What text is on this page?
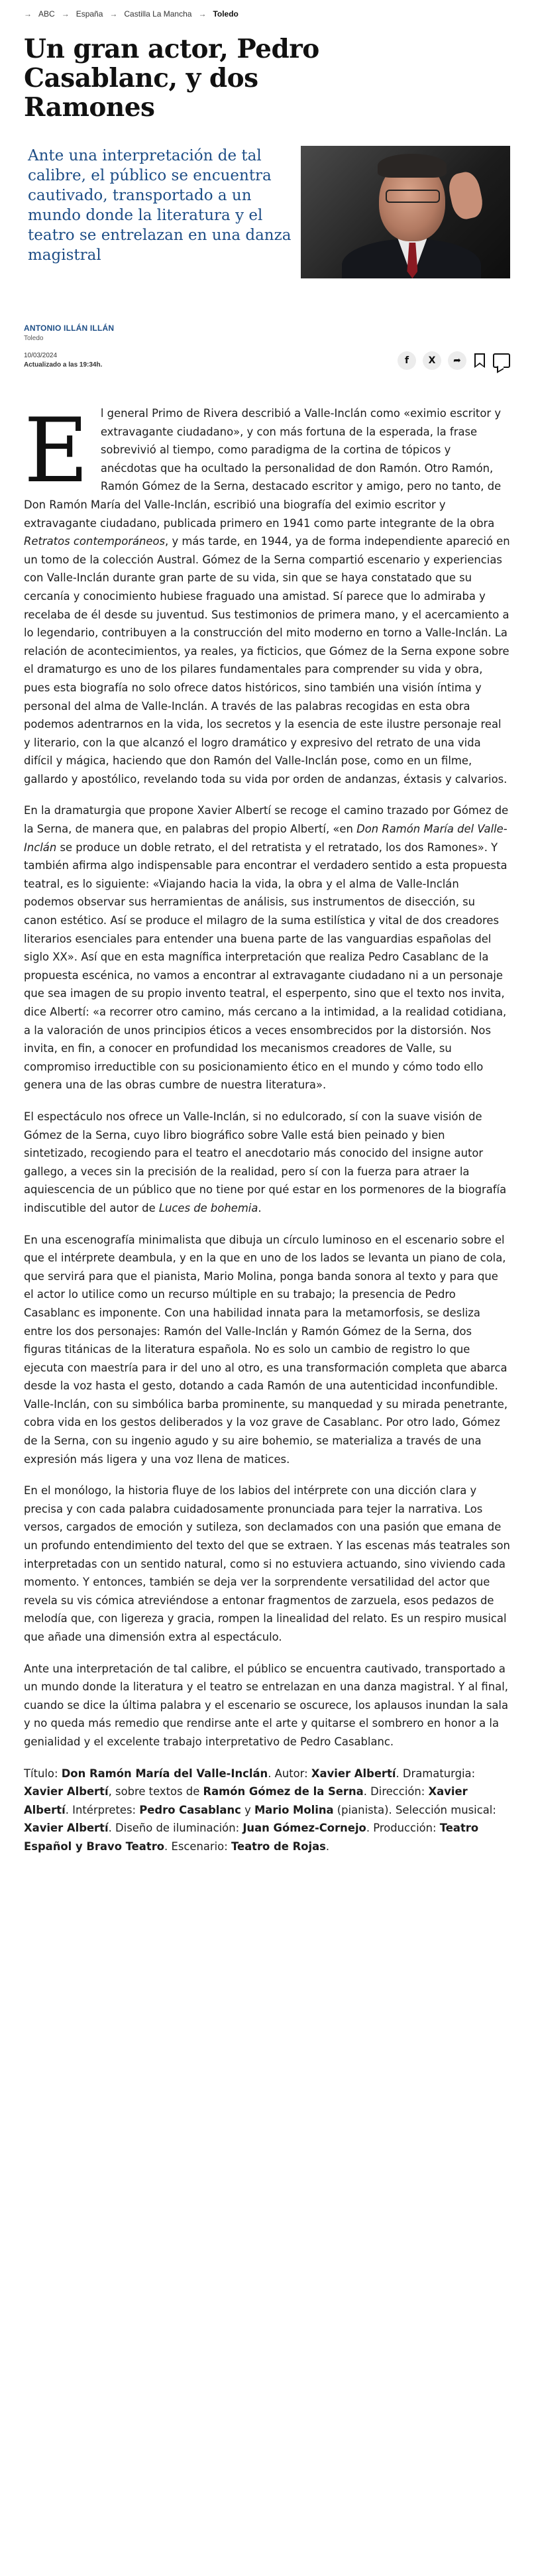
→ ABC → España → Castilla La Mancha → Toledo
Un gran actor, Pedro Casablanc, y dos Ramones

Ante una interpretación de tal calibre, el público se encuentra cautivado, transportado a un mundo donde la literatura y el teatro se entrelazan en una danza magistral

ANTONIO ILLÁN ILLÁN
Toledo
10/03/2024
Actualizado a las 19:34h.	f	X	➦

E l general Primo de Rivera describió a Valle-Inclán como «eximio escritor y extravagante ciudadano», y con más fortuna de la esperada, la frase sobrevivió al tiempo, como paradigma de la cortina de tópicos y anécdotas que ha ocultado la personalidad de don Ramón. Otro Ramón, Ramón Gómez de la Serna, destacado escritor y amigo, pero no tanto, de Don Ramón María del Valle-Inclán, escribió una biografía del eximio escritor y extravagante ciudadano, publicada primero en 1941 como parte integrante de la obra Retratos contemporáneos, y más tarde, en 1944, ya de forma independiente apareció en un tomo de la colección Austral. Gómez de la Serna compartió escenario y experiencias con Valle-Inclán durante gran parte de su vida, sin que se haya constatado que su cercanía y conocimiento hubiese fraguado una amistad. Sí parece que lo admiraba y recelaba de él desde su juventud. Sus testimonios de primera mano, y el acercamiento a lo legendario, contribuyen a la construcción del mito moderno en torno a Valle-Inclán. La relación de acontecimientos, ya reales, ya ficticios, que Gómez de la Serna expone sobre el dramaturgo es uno de los pilares fundamentales para comprender su vida y obra, pues esta biografía no solo ofrece datos históricos, sino también una visión íntima y personal del alma de Valle-Inclán. A través de las palabras recogidas en esta obra podemos adentrarnos en la vida, los secretos y la esencia de este ilustre personaje real y literario, con la que alcanzó el logro dramático y expresivo del retrato de una vida difícil y mágica, haciendo que don Ramón del Valle-Inclán pose, como en un filme, gallardo y apostólico, revelando toda su vida por orden de andanzas, éxtasis y calvarios.

En la dramaturgia que propone Xavier Albertí se recoge el camino trazado por Gómez de la Serna, de manera que, en palabras del propio Albertí, «en Don Ramón María del Valle-Inclán se produce un doble retrato, el del retratista y el retratado, los dos Ramones». Y también afirma algo indispensable para encontrar el verdadero sentido a esta propuesta teatral, es lo siguiente: «Viajando hacia la vida, la obra y el alma de Valle-Inclán podemos observar sus herramientas de análisis, sus instrumentos de disección, su canon estético. Así se produce el milagro de la suma estilística y vital de dos creadores literarios esenciales para entender una buena parte de las vanguardias españolas del siglo XX». Así que en esta magnífica interpretación que realiza Pedro Casablanc de la propuesta escénica, no vamos a encontrar al extravagante ciudadano ni a un personaje que sea imagen de su propio invento teatral, el esperpento, sino que el texto nos invita, dice Albertí: «a recorrer otro camino, más cercano a la intimidad, a la realidad cotidiana, a la valoración de unos principios éticos a veces ensombrecidos por la distorsión. Nos invita, en fin, a conocer en profundidad los mecanismos creadores de Valle, su compromiso irreductible con su posicionamiento ético en el mundo y cómo todo ello genera una de las obras cumbre de nuestra literatura».

El espectáculo nos ofrece un Valle-Inclán, si no edulcorado, sí con la suave visión de Gómez de la Serna, cuyo libro biográfico sobre Valle está bien peinado y bien sintetizado, recogiendo para el teatro el anecdotario más conocido del insigne autor gallego, a veces sin la precisión de la realidad, pero sí con la fuerza para atraer la aquiescencia de un público que no tiene por qué estar en los pormenores de la biografía indiscutible del autor de Luces de bohemia.

En una escenografía minimalista que dibuja un círculo luminoso en el escenario sobre el que el intérprete deambula, y en la que en uno de los lados se levanta un piano de cola, que servirá para que el pianista, Mario Molina, ponga banda sonora al texto y para que el actor lo utilice como un recurso múltiple en su trabajo; la presencia de Pedro Casablanc es imponente. Con una habilidad innata para la metamorfosis, se desliza entre los dos personajes: Ramón del Valle-Inclán y Ramón Gómez de la Serna, dos figuras titánicas de la literatura española. No es solo un cambio de registro lo que ejecuta con maestría para ir del uno al otro, es una transformación completa que abarca desde la voz hasta el gesto, dotando a cada Ramón de una autenticidad inconfundible. Valle-Inclán, con su simbólica barba prominente, su manquedad y su mirada penetrante, cobra vida en los gestos deliberados y la voz grave de Casablanc. Por otro lado, Gómez de la Serna, con su ingenio agudo y su aire bohemio, se materializa a través de una expresión más ligera y una voz llena de matices.

En el monólogo, la historia fluye de los labios del intérprete con una dicción clara y precisa y con cada palabra cuidadosamente pronunciada para tejer la narrativa. Los versos, cargados de emoción y sutileza, son declamados con una pasión que emana de un profundo entendimiento del texto del que se extraen. Y las escenas más teatrales son interpretadas con un sentido natural, como si no estuviera actuando, sino viviendo cada momento. Y entonces, también se deja ver la sorprendente versatilidad del actor que revela su vis cómica atreviéndose a entonar fragmentos de zarzuela, esos pedazos de melodía que, con ligereza y gracia, rompen la linealidad del relato. Es un respiro musical que añade una dimensión extra al espectáculo.

Ante una interpretación de tal calibre, el público se encuentra cautivado, transportado a un mundo donde la literatura y el teatro se entrelazan en una danza magistral. Y al final, cuando se dice la última palabra y el escenario se oscurece, los aplausos inundan la sala y no queda más remedio que rendirse ante el arte y quitarse el sombrero en honor a la genialidad y el excelente trabajo interpretativo de Pedro Casablanc.

Título: Don Ramón María del Valle-Inclán. Autor: Xavier Albertí. Dramaturgia: Xavier Albertí, sobre textos de Ramón Gómez de la Serna. Dirección: Xavier Albertí. Intérpretes: Pedro Casablanc y Mario Molina (pianista). Selección musical: Xavier Albertí. Diseño de iluminación: Juan Gómez-Cornejo. Producción: Teatro Español y Bravo Teatro. Escenario: Teatro de Rojas.
